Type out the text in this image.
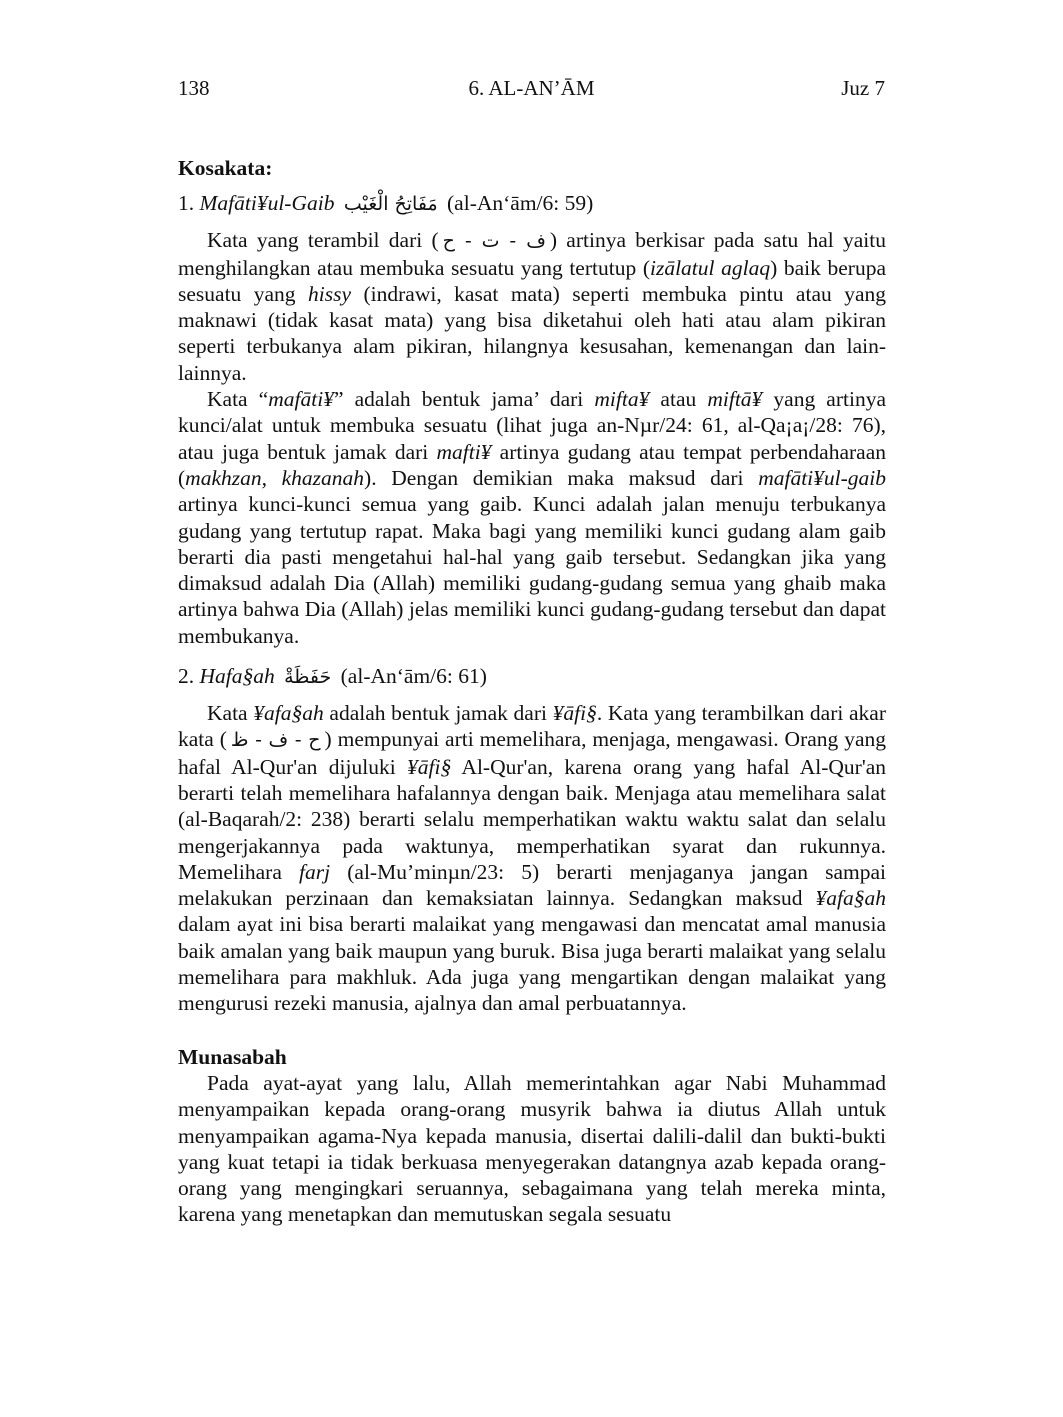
138	6. AL-AN’ĀM	Juz 7
Kosakata:
1. Mafāti¥ul-Gaib مَفَاتِحُ الْغَيْب (al-An‘ām/6: 59)

Kata yang terambil dari ( ف - ت - ح ) artinya berkisar pada satu hal yaitu menghilangkan atau membuka sesuatu yang tertutup (izālatul aglaq) baik berupa sesuatu yang hissy (indrawi, kasat mata) seperti membuka pintu atau yang maknawi (tidak kasat mata) yang bisa diketahui oleh hati atau alam pikiran seperti terbukanya alam pikiran, hilangnya kesusahan, kemenangan dan lain-lainnya.

Kata “mafāti¥” adalah bentuk jama’ dari mifta¥ atau miftā¥ yang artinya kunci/alat untuk membuka sesuatu (lihat juga an-Nµr/24: 61, al-Qa¡a¡/28: 76), atau juga bentuk jamak dari mafti¥ artinya gudang atau tempat perbendaharaan (makhzan, khazanah). Dengan demikian maka maksud dari mafāti¥ul-gaib artinya kunci-kunci semua yang gaib. Kunci adalah jalan menuju terbukanya gudang yang tertutup rapat. Maka bagi yang memiliki kunci gudang alam gaib berarti dia pasti mengetahui hal-hal yang gaib tersebut. Sedangkan jika yang dimaksud adalah Dia (Allah) memiliki gudang-gudang semua yang ghaib maka artinya bahwa Dia (Allah) jelas memiliki kunci gudang-gudang tersebut dan dapat membukanya.

2. Hafa§ah حَفَظَةْ (al-An‘ām/6: 61)

Kata ¥afa§ah adalah bentuk jamak dari ¥āfi§. Kata yang terambilkan dari akar kata ( ح - ف - ظ ) mempunyai arti memelihara, menjaga, mengawasi. Orang yang hafal Al-Qur'an dijuluki ¥āfi§ Al-Qur'an, karena orang yang hafal Al-Qur'an berarti telah memelihara hafalannya dengan baik. Menjaga atau memelihara salat (al-Baqarah/2: 238) berarti selalu memperhatikan waktu waktu salat dan selalu mengerjakannya pada waktunya, memperhatikan syarat dan rukunnya. Memelihara farj (al-Mu’minµn/23: 5) berarti menjaganya jangan sampai melakukan perzinaan dan kemaksiatan lainnya. Sedangkan maksud ¥afa§ah dalam ayat ini bisa berarti malaikat yang mengawasi dan mencatat amal manusia baik amalan yang baik maupun yang buruk. Bisa juga berarti malaikat yang selalu memelihara para makhluk. Ada juga yang mengartikan dengan malaikat yang mengurusi rezeki manusia, ajalnya dan amal perbuatannya.

Munasabah

Pada ayat-ayat yang lalu, Allah memerintahkan agar Nabi Muhammad menyampaikan kepada orang-orang musyrik bahwa ia diutus Allah untuk menyampaikan agama-Nya kepada manusia, disertai dalili-dalil dan bukti-bukti yang kuat tetapi ia tidak berkuasa menyegerakan datangnya azab kepada orang-orang yang mengingkari seruannya, sebagaimana yang telah mereka minta, karena yang menetapkan dan memutuskan segala sesuatu
